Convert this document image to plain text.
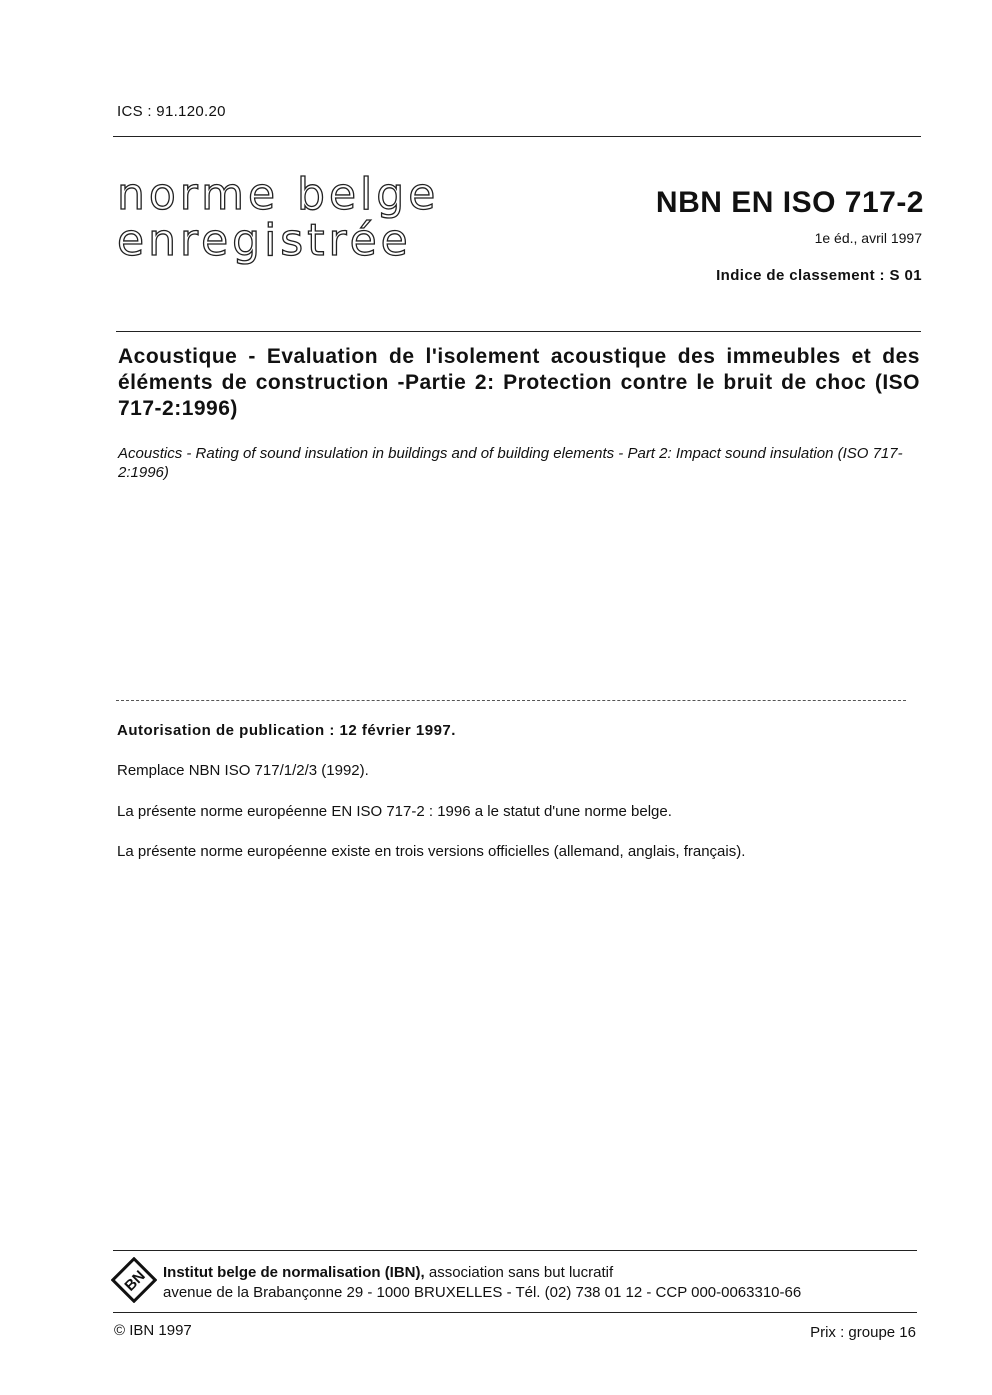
ICS : 91.120.20
norme belge
enregistrée
NBN EN ISO 717-2
1e éd., avril 1997
Indice de classement : S 01
Acoustique - Evaluation de l'isolement acoustique des immeubles et des éléments de construction -Partie 2: Protection contre le bruit de choc (ISO 717-2:1996)
Acoustics - Rating of sound insulation in buildings and of building elements - Part 2: Impact sound insulation (ISO 717-2:1996)
Autorisation de publication : 12 février 1997.
Remplace NBN ISO 717/1/2/3 (1992).
La présente norme européenne EN ISO 717-2 : 1996 a le statut d'une norme belge.
La présente norme européenne existe en trois versions officielles (allemand, anglais, français).
BN Institut belge de normalisation (IBN), association sans but lucratif
avenue de la Brabançonne 29 - 1000 BRUXELLES - Tél. (02) 738 01 12 - CCP 000-0063310-66
© IBN 1997	Prix : groupe 16
